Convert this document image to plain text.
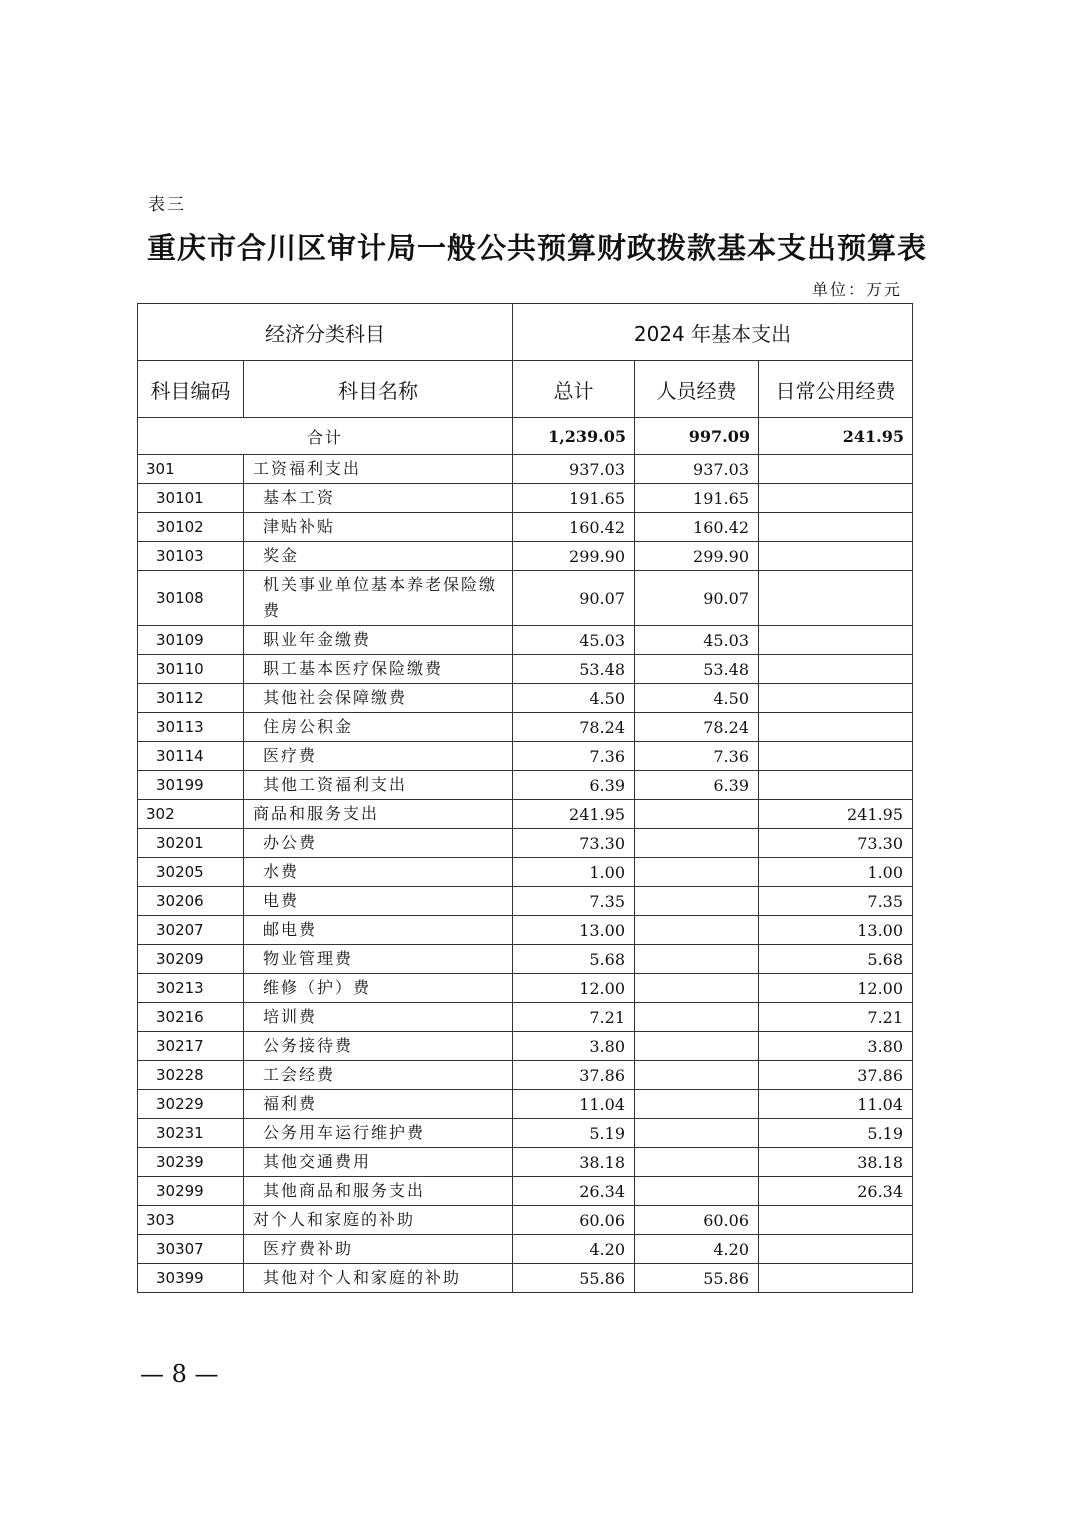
表三
重庆市合川区审计局一般公共预算财政拨款基本支出预算表
单位：万元
经济分类科目		2024 年基本支出		
科目编码	科目名称	总计	人员经费	日常公用经费
合计		1,239.05	997.09	241.95
301	工资福利支出	937.03	937.03	
30101	基本工资	191.65	191.65	
30102	津贴补贴	160.42	160.42	
30103	奖金	299.90	299.90	
30108	机关事业单位基本养老保险缴费	90.07	90.07	
30109	职业年金缴费	45.03	45.03	
30110	职工基本医疗保险缴费	53.48	53.48	
30112	其他社会保障缴费	4.50	4.50	
30113	住房公积金	78.24	78.24	
30114	医疗费	7.36	7.36	
30199	其他工资福利支出	6.39	6.39	
302	商品和服务支出	241.95		241.95
30201	办公费	73.30		73.30
30205	水费	1.00		1.00
30206	电费	7.35		7.35
30207	邮电费	13.00		13.00
30209	物业管理费	5.68		5.68
30213	维修（护）费	12.00		12.00
30216	培训费	7.21		7.21
30217	公务接待费	3.80		3.80
30228	工会经费	37.86		37.86
30229	福利费	11.04		11.04
30231	公务用车运行维护费	5.19		5.19
30239	其他交通费用	38.18		38.18
30299	其他商品和服务支出	26.34		26.34
303	对个人和家庭的补助	60.06	60.06	
30307	医疗费补助	4.20	4.20	
30399	其他对个人和家庭的补助	55.86	55.86	
— 8 —
